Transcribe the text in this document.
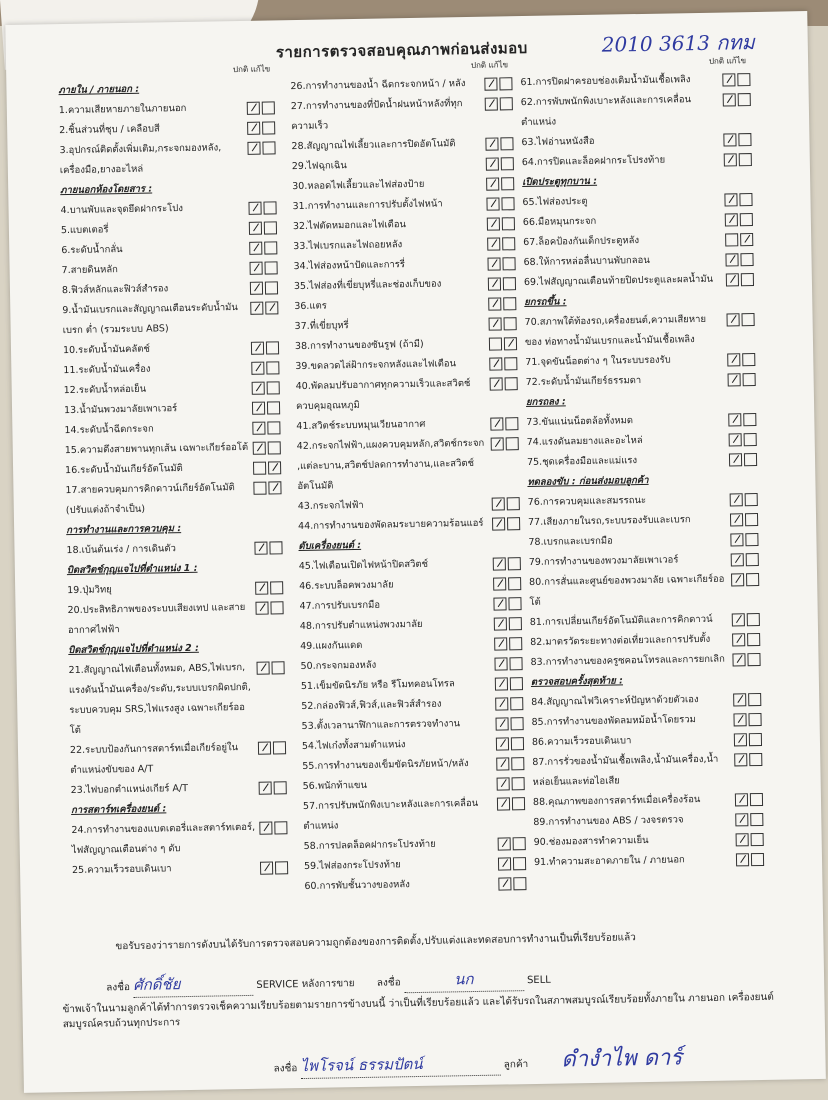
รายการตรวจสอบคุณภาพก่อนส่งมอบ	2010 3613 กทม
ปกติ แก้ไข
ภายใน / ภายนอก :
1.ความเสียหายภายในภายนอก
2.ชิ้นส่วนที่ชุบ / เคลือบสี
3.อุปกรณ์ติดตั้งเพิ่มเติม,กระจกมองหลัง, เครื่องมือ,ยางอะไหล่
ภายนอกห้องโดยสาร :
4.บานพับและจุดยึดฝากระโปง
5.แบตเตอรี่
6.ระดับน้ำกลั่น
7.สายดินหลัก
8.ฟิวส์หลักและฟิวส์สำรอง
9.น้ำมันเบรกและสัญญาณเตือนระดับน้ำมันเบรก ต่ำ (รวมระบบ ABS)
10.ระดับน้ำมันคลัตช์
11.ระดับน้ำมันเครื่อง
12.ระดับน้ำหล่อเย็น
13.น้ำมันพวงมาลัยเพาเวอร์
14.ระดับน้ำฉีดกระจก
15.ความตึงสายพานทุกเส้น เฉพาะเกียร์ออโต้
16.ระดับน้ำมันเกียร์อัตโนมัติ
17.สายควบคุมการคิกดาวน์เกียร์อัตโนมัติ (ปรับแต่งถ้าจำเป็น)
การทำงานและการควบคุม :
18.เบ้นต้นเร่ง / การเดินตัว
บิดสวิตช์กุญแจไปที่ตำแหน่ง 1 :
19.ปุ่มวิทยุ
20.ประสิทธิภาพของระบบเสียงเทป และสายอากาศไฟฟ้า
บิดสวิตช์กุญแจไปที่ตำแหน่ง 2 :
21.สัญญาณไฟเตือนทั้งหมด, ABS,ไฟเบรก, แรงดันน้ำมันเครื่อง/ระดับ,ระบบเบรกผิดปกติ, ระบบควบคุม SRS,ไฟแรงสูง เฉพาะเกียร์ออโต้
22.ระบบป้องกันการสตาร์ทเมื่อเกียร์อยู่ใน ตำแหน่งขับของ A/T
23.ไฟบอกตำแหน่งเกียร์ A/T
การสตาร์ทเครื่องยนต์ :
24.การทำงานของแบตเตอรี่และสตาร์ทเตอร์, ไฟสัญญาณเตือนต่าง ๆ ดับ
25.ความเร็วรอบเดินเบา
ปกติ แก้ไข
26.การทำงานของน้ำ ฉีดกระจกหน้า / หลัง
27.การทำงานของที่ปัดน้ำฝนหน้าหลังที่ทุก ความเร็ว
28.สัญญาณไฟเลี้ยวและการปิดอัตโนมัติ
29.ไฟฉุกเฉิน
30.หลอดไฟเลี้ยวและไฟส่องป้าย
31.การทำงานและการปรับตั้งไฟหน้า
32.ไฟตัดหมอกและไฟเตือน
33.ไฟเบรกและไฟถอยหลัง
34.ไฟส่องหน้าปัดและการรี่
35.ไฟส่องที่เขี่ยบุหรี่และช่องเก็บของ
36.แตร
37.ที่เขี่ยบุหรี่
38.การทำงานของซันรูฟ (ถ้ามี)
39.ขดลวดไล่ฝ้ากระจกหลังและไฟเตือน
40.พัดลมปรับอากาศทุกความเร็วและสวิตช์ ควบคุมอุณหภูมิ
41.สวิตช์ระบบหมุนเวียนอากาศ
42.กระจกไฟฟ้า,แผงควบคุมหลัก,สวิตช์กระจก ,แต่ละบาน,สวิตช์ปลดการทำงาน,และสวิตช์ อัตโนมัติ
43.กระจกไฟฟ้า
44.การทำงานของพัดลมระบายความร้อนแอร์
ดับเครื่องยนต์ :
45.ไฟเตือนเปิดไฟหน้าปิดสวิตช์
46.ระบบล็อคพวงมาลัย
47.การปรับเบรกมือ
48.การปรับตำแหน่งพวงมาลัย
49.แผงกันแดด
50.กระจกมองหลัง
51.เข็มขัดนิรภัย หรือ รีโมทคอนโทรล
52.กล่องฟิวส์,ฟิวส์,และฟิวส์สำรอง
53.ตั้งเวลานาฬิกาและการตรวจทำงาน
54.ไฟเก๋งทั้งสามตำแหน่ง
55.การทำงานของเข็มขัดนิรภัยหน้า/หลัง
56.พนักท้าแขน
57.การปรับพนักพิงเบาะหลังและการเคลื่อน ตำแหน่ง
58.การปลดล็อคฝากระโปรงท้าย
59.ไฟส่องกระโปรงท้าย
60.การพับชั้นวางของหลัง
ปกติ แก้ไข
61.การปิดฝาครอบช่องเติมน้ำมันเชื้อเพลิง
62.การพับพนักพิงเบาะหลังและการเคลื่อน ตำแหน่ง
63.ไฟอ่านหนังสือ
64.การปิดและล็อคฝากระโปรงท้าย
เปิดประตูทุกบาน :
65.ไฟส่องประตู
66.มือหมุนกระจก
67.ล็อคป้องกันเด็กประตูหลัง
68.ให้การหล่อลื่นบานพับกลอน
69.ไฟสัญญาณเตือนท้ายปิดประตูและผลน้ำมัน
ยกรถขึ้น :
70.สภาพใต้ท้องรถ,เครื่องยนต์,ความเสียหายของ ท่อทางน้ำมันเบรกและน้ำมันเชื้อเพลิง
71.จุดขันน็อตต่าง ๆ ในระบบรองรับ
72.ระดับน้ำมันเกียร์ธรรมดา
ยกรถลง :
73.ขันแน่นน็อตล้อทั้งหมด
74.แรงดันลมยางและอะไหล่
75.ชุดเครื่องมือและแม่แรง
ทดลองขับ : ก่อนส่งมอบลูกค้า
76.การควบคุมและสมรรถนะ
77.เสียงภายในรถ,ระบบรองรับและเบรก
78.เบรกและเบรกมือ
79.การทำงานของพวงมาลัยเพาเวอร์
80.การสั่นและศูนย์ของพวงมาลัย เฉพาะเกียร์ออโต้
81.การเปลี่ยนเกียร์อัตโนมัติและการคิกดาวน์
82.มาตรวัดระยะทางต่อเที่ยวและการปรับตั้ง
83.การทำงานของครูซคอนโทรลและการยกเลิก
ตรวจสอบครั้งสุดท้าย :
84.สัญญาณไฟวิเคราะห์ปัญหาด้วยตัวเอง
85.การทำงานของพัดลมหม้อน้ำโดยรวม
86.ความเร็วรอบเดินเบา
87.การรั่วของน้ำมันเชื้อเพลิง,น้ำมันเครื่อง,น้ำ หล่อเย็นและท่อไอเสีย
88.คุณภาพของการสตาร์ทเมื่อเครื่องร้อน
89.การทำงานของ ABS / วงจรตรวจ
90.ช่องมองสารทำความเย็น
91.ทำความสะอาดภายใน / ภายนอก
ขอรับรองว่ารายการดังบนได้รับการตรวจสอบความถูกต้องของการติดตั้ง,ปรับแต่งและทดสอบการทำงานเป็นที่เรียบร้อยแล้ว
ลงชื่อ ศักดิ์ชัย	SERVICE หลังการขาย ลงชื่อ	นก	SELL
ข้าพเจ้าในนามลูกค้าได้ทำการตรวจเช็คความเรียบร้อยตามรายการข้างบนนี้ ว่าเป็นที่เรียบร้อยแล้ว และได้รับรถในสภาพสมบูรณ์เรียบร้อยทั้งภายใน ภายนอก เครื่องยนต์ สมบูรณ์ครบถ้วนทุกประการ
ลงชื่อ ไพโรจน์ ธรรมปัตน์	ลูกค้า ดำงำไพ ดาร์
